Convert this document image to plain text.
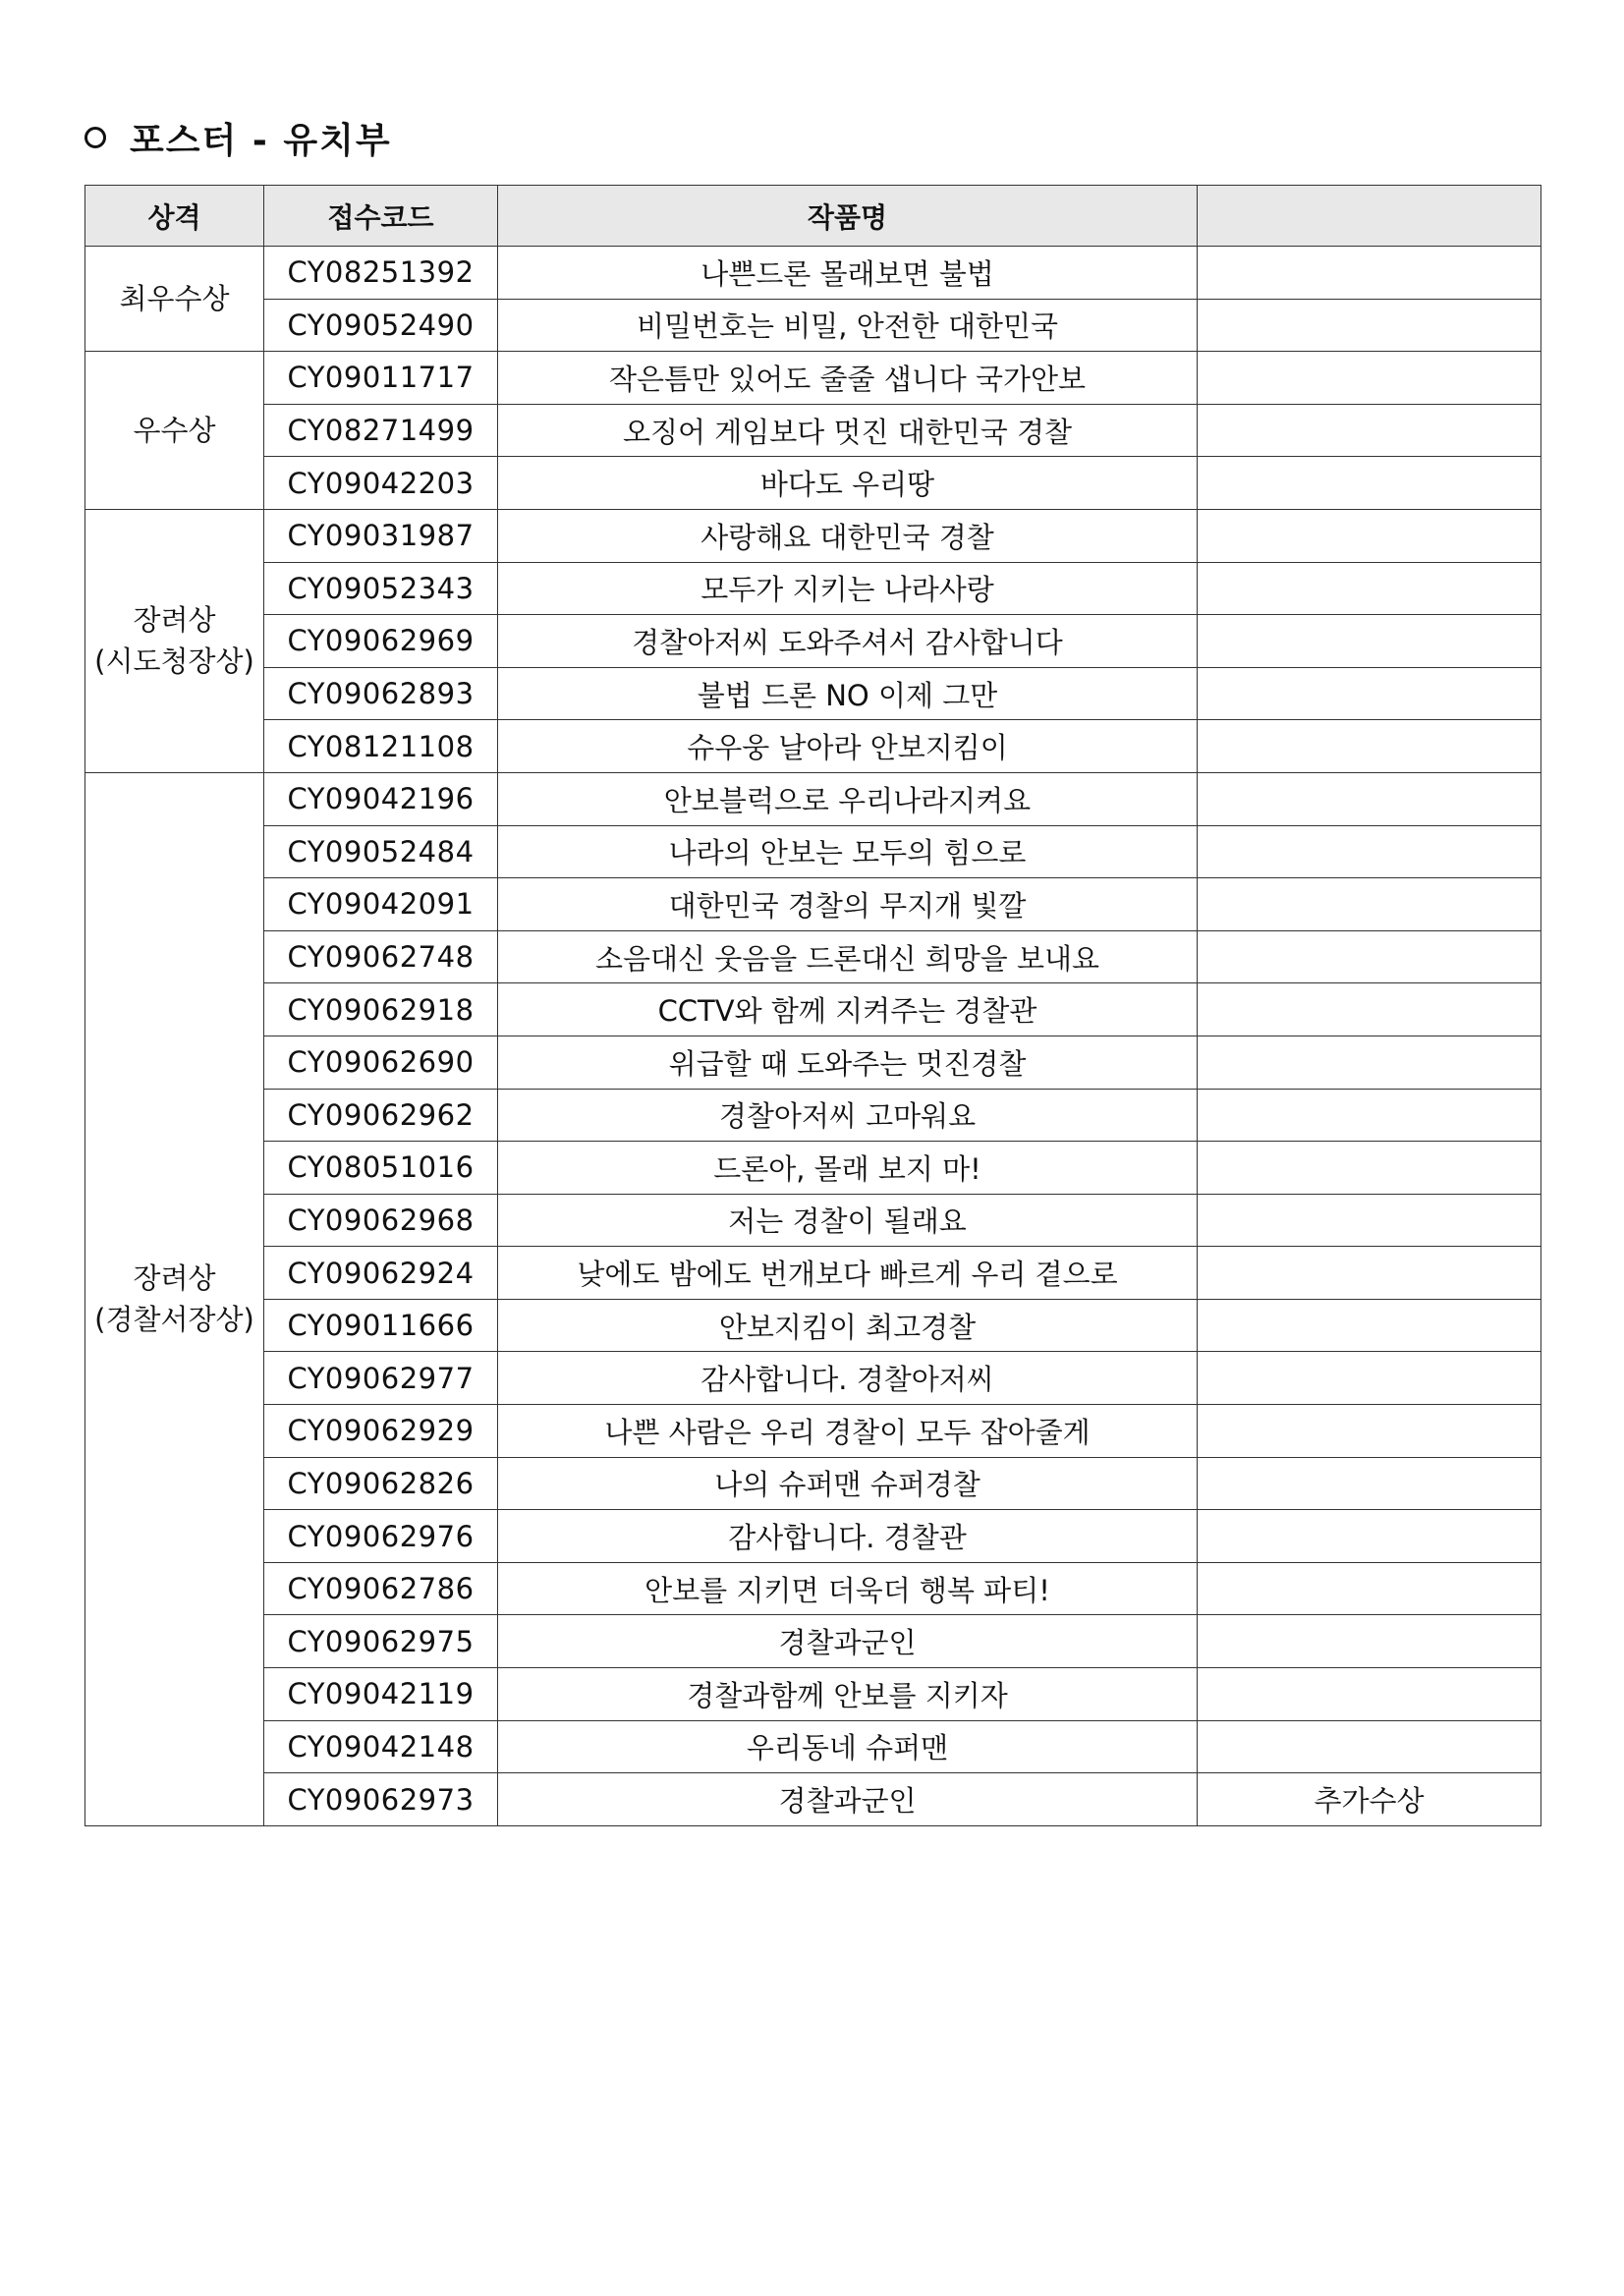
포스터 - 유치부
상격	접수코드	작품명	

최우수상	CY08251392	나쁜드론 몰래보면 불법	
	CY09052490	비밀번호는 비밀, 안전한 대한민국	

우수상	CY09011717	작은틈만 있어도 줄줄 샙니다 국가안보	
	CY08271499	오징어 게임보다 멋진 대한민국 경찰	
	CY09042203	바다도 우리땅	

장려상
(시도청장상)	CY09031987	사랑해요 대한민국 경찰	
	CY09052343	모두가 지키는 나라사랑	
	CY09062969	경찰아저씨 도와주셔서 감사합니다	
	CY09062893	불법 드론 NO 이제 그만	
	CY08121108	슈우웅 날아라 안보지킴이	

장려상
(경찰서장상)	CY09042196	안보블럭으로 우리나라지켜요	
	CY09052484	나라의 안보는 모두의 힘으로	
	CY09042091	대한민국 경찰의 무지개 빛깔	
	CY09062748	소음대신 웃음을 드론대신 희망을 보내요	
	CY09062918	CCTV와 함께 지켜주는 경찰관	
	CY09062690	위급할 때 도와주는 멋진경찰	
	CY09062962	경찰아저씨 고마워요	
	CY08051016	드론아, 몰래 보지 마!	
	CY09062968	저는 경찰이 될래요	
	CY09062924	낮에도 밤에도 번개보다 빠르게 우리 곁으로	
	CY09011666	안보지킴이 최고경찰	
	CY09062977	감사합니다. 경찰아저씨	
	CY09062929	나쁜 사람은 우리 경찰이 모두 잡아줄게	
	CY09062826	나의 슈퍼맨 슈퍼경찰	
	CY09062976	감사합니다. 경찰관	
	CY09062786	안보를 지키면 더욱더 행복 파티!	
	CY09062975	경찰과군인	
	CY09042119	경찰과함께 안보를 지키자	
	CY09042148	우리동네 슈퍼맨	
	CY09062973	경찰과군인	추가수상
